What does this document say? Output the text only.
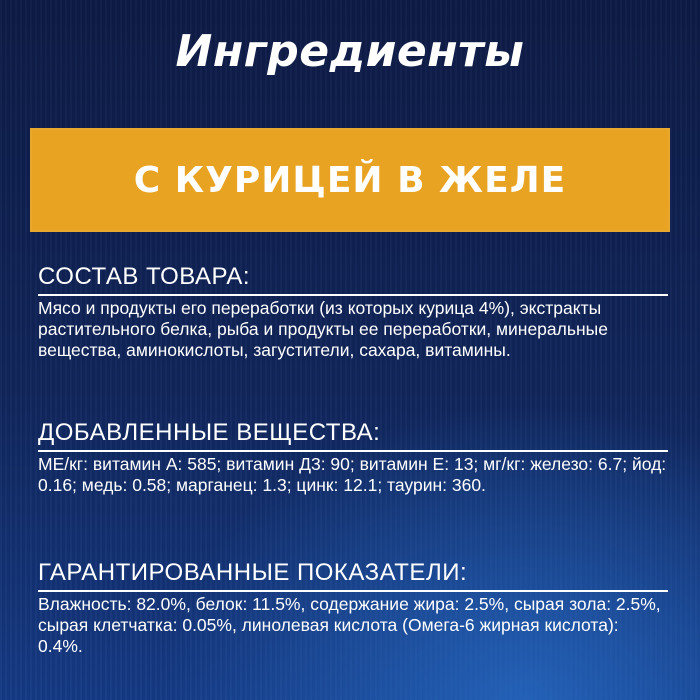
Ингредиенты
С КУРИЦЕЙ В ЖЕЛЕ
СОСТАВ ТОВАРА:
Мясо и продукты его переработки (из которых курица 4%), экстракты растительного белка, рыба и продукты ее переработки, минеральные вещества, аминокислоты, загустители, сахара, витамины.
ДОБАВЛЕННЫЕ ВЕЩЕСТВА:
МЕ/кг: витамин А: 585; витамин Д3: 90; витамин Е: 13; мг/кг: железо: 6.7; йод: 0.16; медь: 0.58; марганец: 1.3; цинк: 12.1; таурин: 360.
ГАРАНТИРОВАННЫЕ ПОКАЗАТЕЛИ:
Влажность: 82.0%, белок: 11.5%, содержание жира: 2.5%, сырая зола: 2.5%, сырая клетчатка: 0.05%, линолевая кислота (Омега-6 жирная кислота): 0.4%.
